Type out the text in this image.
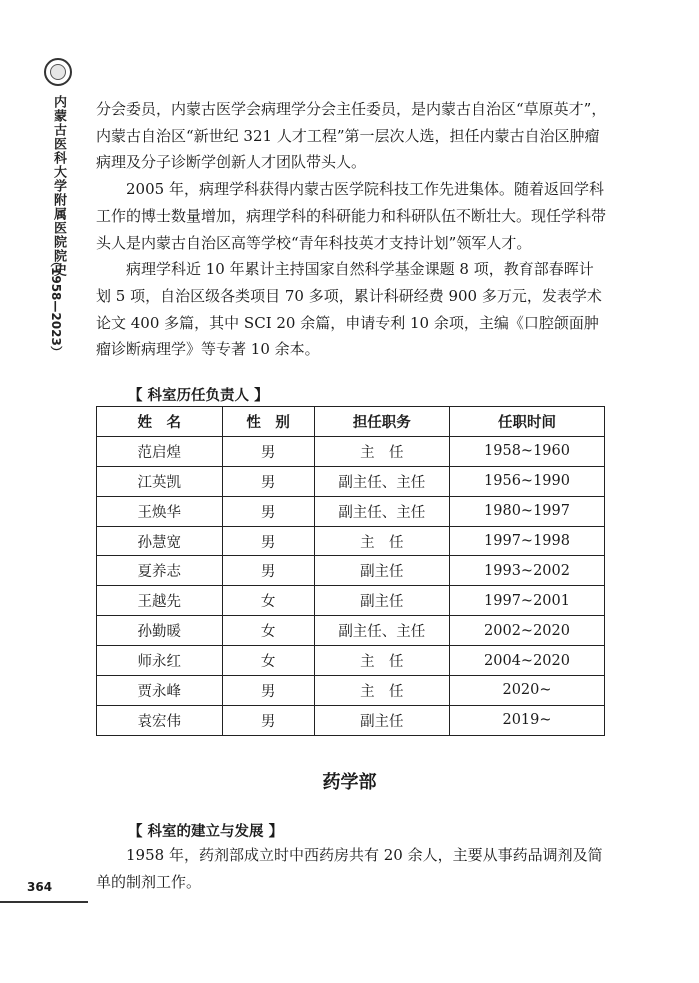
内蒙古医科大学附属医院院史
（1958—2023）

分会委员，内蒙古医学会病理学分会主任委员，是内蒙古自治区“草原英才”，内蒙古自治区“新世纪 321 人才工程”第一层次人选，担任内蒙古自治区肿瘤病理及分子诊断学创新人才团队带头人。

2005 年，病理学科获得内蒙古医学院科技工作先进集体。随着返回学科工作的博士数量增加，病理学科的科研能力和科研队伍不断壮大。现任学科带头人是内蒙古自治区高等学校“青年科技英才支持计划”领军人才。

病理学科近 10 年累计主持国家自然科学基金课题 8 项，教育部春晖计划 5 项，自治区级各类项目 70 多项，累计科研经费 900 多万元，发表学术论文 400 多篇，其中 SCI 20 余篇，申请专利 10 余项，主编《口腔颌面肿瘤诊断病理学》等专著 10 余本。

【 科室历任负责人 】
姓　名	性　别	担任职务	任职时间
范启煌	男	主　任	1958~1960
江英凯	男	副主任、主任	1956~1990
王焕华	男	副主任、主任	1980~1997
孙慧宽	男	主　任	1997~1998
夏养志	男	副主任	1993~2002
王越先	女	副主任	1997~2001
孙勤暖	女	副主任、主任	2002~2020
师永红	女	主　任	2004~2020
贾永峰	男	主　任	2020~
袁宏伟	男	副主任	2019~
药学部
【 科室的建立与发展 】

1958 年，药剂部成立时中西药房共有 20 余人，主要从事药品调剂及简单的制剂工作。

364
